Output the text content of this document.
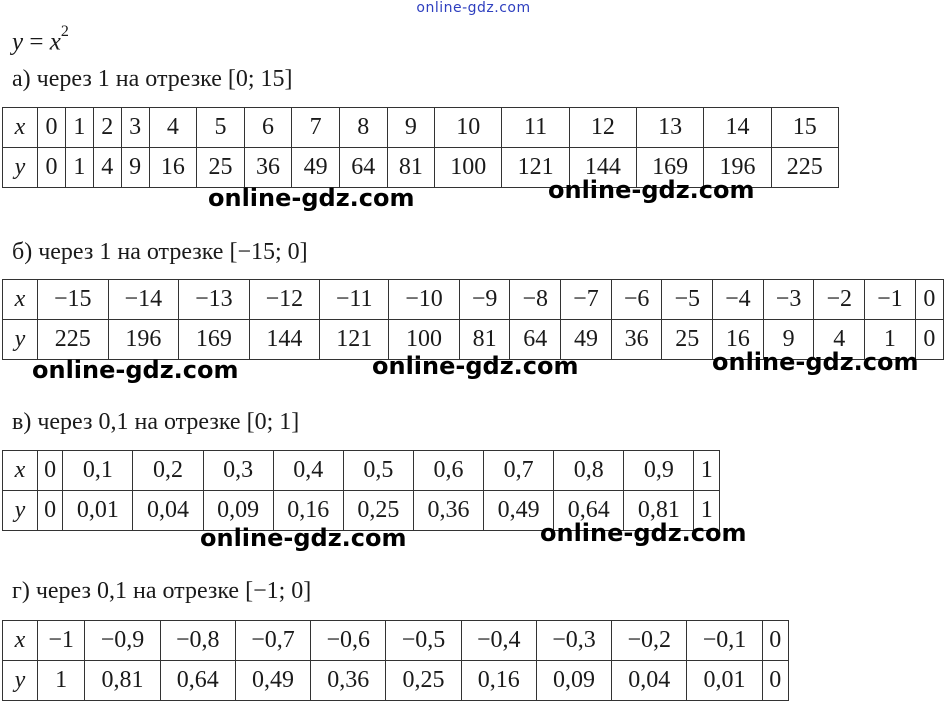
online-gdz.com
$y = x^2$
а) через 1 на отрезке [0; 15]
x	0	1	2	3	4	5	6	7	8	9	10	11	12	13	14	15
y	0	1	4	9	16	25	36	49	64	81	100	121	144	169	196	225
б) через 1 на отрезке [−15; 0]
x	−15	−14	−13	−12	−11	−10	−9	−8	−7	−6	−5	−4	−3	−2	−1	0
y	225	196	169	144	121	100	81	64	49	36	25	16	9	4	1	0
в) через 0,1 на отрезке [0; 1]
x	0	0,1	0,2	0,3	0,4	0,5	0,6	0,7	0,8	0,9	1
y	0	0,01	0,04	0,09	0,16	0,25	0,36	0,49	0,64	0,81	1
г) через 0,1 на отрезке [−1; 0]
x	−1	−0,9	−0,8	−0,7	−0,6	−0,5	−0,4	−0,3	−0,2	−0,1	0
y	1	0,81	0,64	0,49	0,36	0,25	0,16	0,09	0,04	0,01	0
online-gdz.com	online-gdz.com
online-gdz.com	online-gdz.com	online-gdz.com
online-gdz.com	online-gdz.com
